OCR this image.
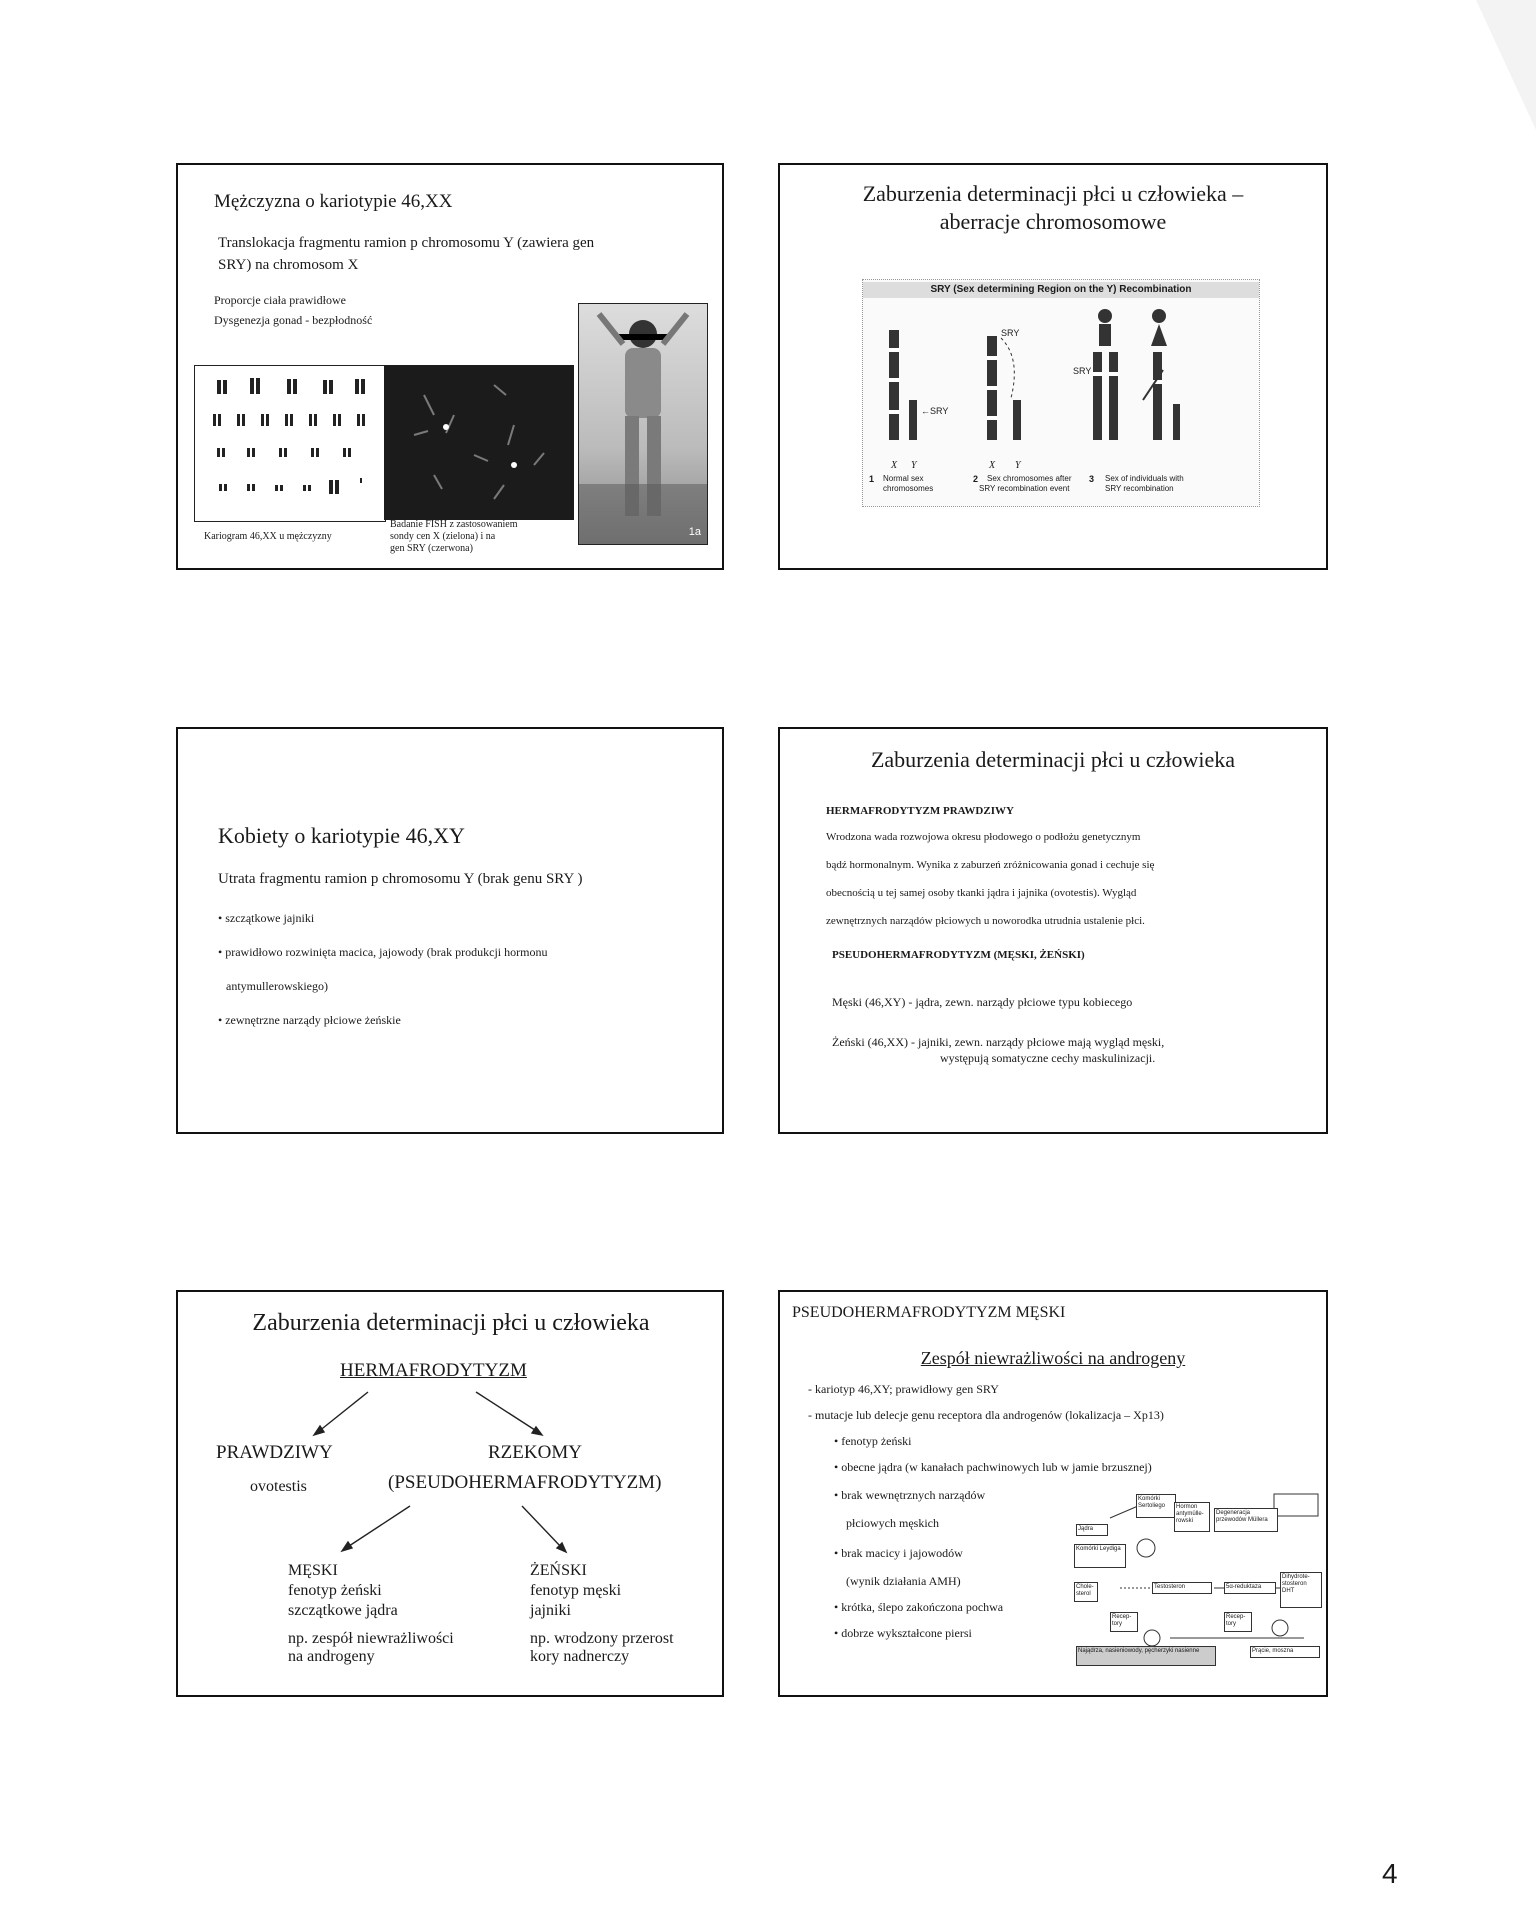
Mężczyzna o kariotypie 46,XX
Translokacja fragmentu ramion p chromosomu Y (zawiera gen
SRY) na chromosom X
Proporcje ciała prawidłowe
Dysgenezja gonad - bezpłodność
1a
Kariogram 46,XX u mężczyzny
Badanie FISH z zastosowaniem
sondy cen X (zielona) i na
gen SRY (czerwona)
Zaburzenia determinacji płci u człowieka –
aberracje chromosomowe
SRY (Sex determining Region on the Y) Recombination
←SRY
SRY
SRY
X Y	X Y
1 Normal sex
chromosomes
2 Sex chromosomes after
SRY recombination event
3 Sex of individuals with
SRY recombination
Kobiety o kariotypie 46,XY
Utrata fragmentu ramion p chromosomu Y (brak genu SRY )
• szczątkowe jajniki
• prawidłowo rozwinięta macica, jajowody (brak produkcji hormonu
antymullerowskiego)
• zewnętrzne narządy płciowe żeńskie
Zaburzenia determinacji płci u człowieka
HERMAFRODYTYZM PRAWDZIWY
Wrodzona wada rozwojowa okresu płodowego o podłożu genetycznym
bądź hormonalnym. Wynika z zaburzeń zróżnicowania gonad i cechuje się
obecnością u tej samej osoby tkanki jądra i jajnika (ovotestis). Wygląd
zewnętrznych narządów płciowych u noworodka utrudnia ustalenie płci.
PSEUDOHERMAFRODYTYZM (MĘSKI, ŻEŃSKI)
Męski (46,XY) - jądra, zewn. narządy płciowe typu kobiecego
Żeński (46,XX) - jajniki, zewn. narządy płciowe mają wygląd męski,
występują somatyczne cechy maskulinizacji.
Zaburzenia determinacji płci u człowieka
HERMAFRODYTYZM
PRAWDZIWY
ovotestis
RZEKOMY
(PSEUDOHERMAFRODYTYZM)
MĘSKI
fenotyp żeński
szczątkowe jądra
np. zespół niewrażliwości
na androgeny
ŻEŃSKI
fenotyp męski
jajniki
np. wrodzony przerost
kory nadnerczy
PSEUDOHERMAFRODYTYZM MĘSKI
Zespół niewrażliwości na androgeny
- kariotyp 46,XY; prawidłowy gen SRY
- mutacje lub delecje genu receptora dla androgenów (lokalizacja – Xp13)
• fenotyp żeński
• obecne jądra (w kanałach pachwinowych lub w jamie brzusznej)
• brak wewnętrznych narządów
płciowych męskich
• brak macicy i jajowodów
(wynik działania AMH)
• krótka, ślepo zakończona pochwa
• dobrze wykształcone piersi
Komórki Sertoliego	Hormon antymülle-rowski
Degeneracja przewodów Müllera
Jądra
Komórki Leydiga
Chole-sterol
Testosteron	5α-reduktaza
Dihydrote-stosteron DHT
Recep-tory
Recep-tory
Najądrza, nasieniowody, pęcherzyki nasienne	Prącie, moszna
4
